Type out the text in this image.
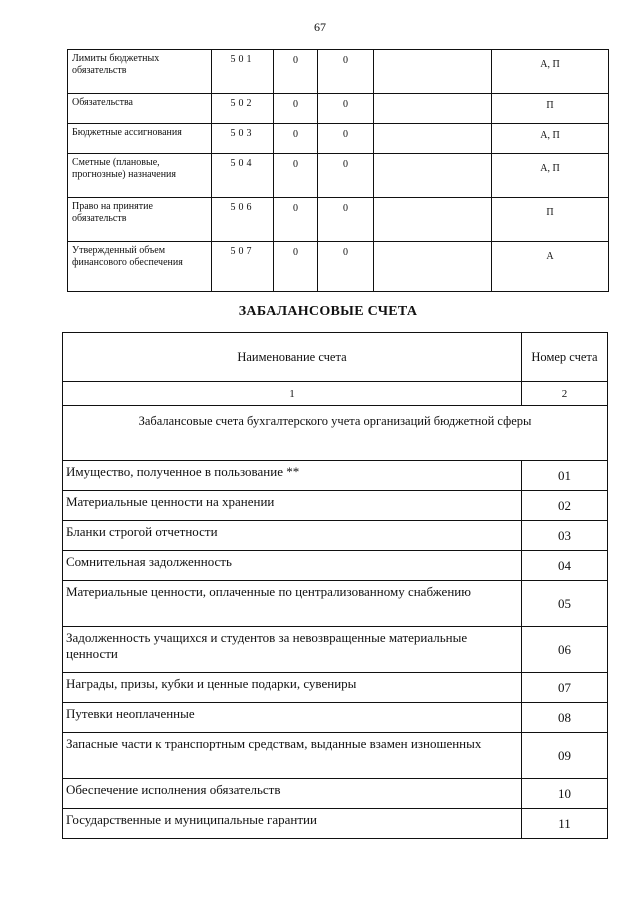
67
Лимиты бюджетных обязательств	501	0	0		А, П
Обязательства	502	0	0		П
Бюджетные ассигнования	503	0	0		А, П
Сметные (плановые, прогнозные) назначения	504	0	0		А, П
Право на принятие обязательств	506	0	0		П
Утвержденный объем финансового обеспечения	507	0	0		А
ЗАБАЛАНСОВЫЕ СЧЕТА
Наименование счета	Номер счета
1	2
Забалансовые счета бухгалтерского учета организаций бюджетной сферы	
Имущество, полученное в пользование **	01
Материальные ценности на хранении	02
Бланки строгой отчетности	03
Сомнительная задолженность	04
Материальные ценности, оплаченные по централизованному снабжению	05
Задолженность учащихся и студентов за невозвращенные материальные ценности	06
Награды, призы, кубки и ценные подарки, сувениры	07
Путевки неоплаченные	08
Запасные части к транспортным средствам, выданные взамен изношенных	09
Обеспечение исполнения обязательств	10
Государственные и муниципальные гарантии	11
